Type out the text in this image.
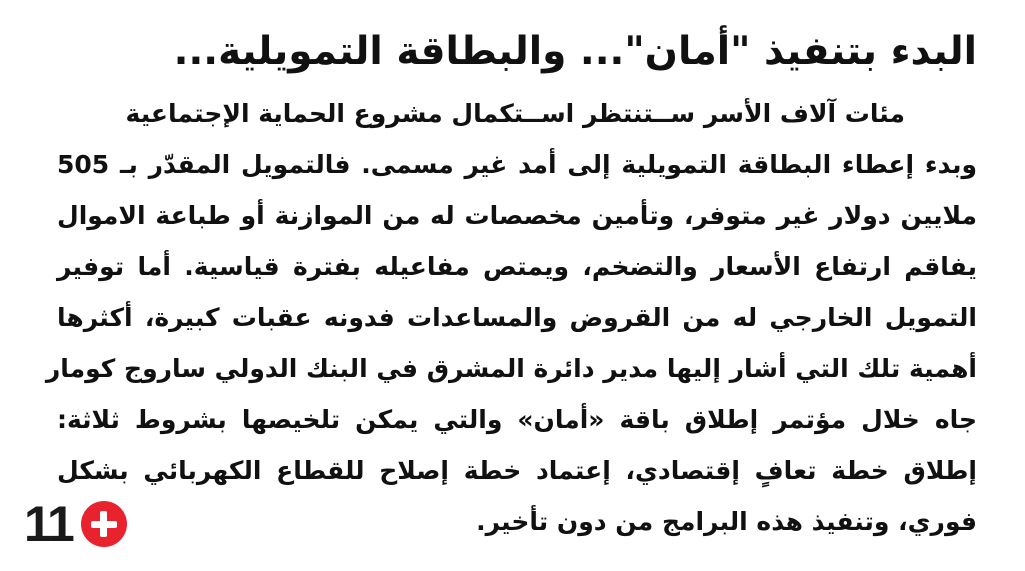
البدء بتنفيذ "أمان"... والبطاقة التمويلية...
مئات آلاف الأسر ســتنتظر اســتكمال مشروع الحماية الإجتماعية
وبدء إعطاء البطاقة التمويلية إلى أمد غير مسمى. فالتمويل المقدّر بـ 505
ملايين دولار غير متوفر، وتأمين مخصصات له من الموازنة أو طباعة الاموال
يفاقم ارتفاع الأسعار والتضخم، ويمتص مفاعيله بفترة قياسية. أما توفير
التمويل الخارجي له من القروض والمساعدات فدونه عقبات كبيرة، أكثرها
أهمية تلك التي أشار إليها مدير دائرة المشرق في البنك الدولي ساروج كومار
جاه خلال مؤتمر إطلاق باقة «أمان» والتي يمكن تلخيصها بشروط ثلاثة:
إطلاق خطة تعافٍ إقتصادي، إعتماد خطة إصلاح للقطاع الكهربائي بشكل
فوري، وتنفيذ هذه البرامج من دون تأخير.
11
